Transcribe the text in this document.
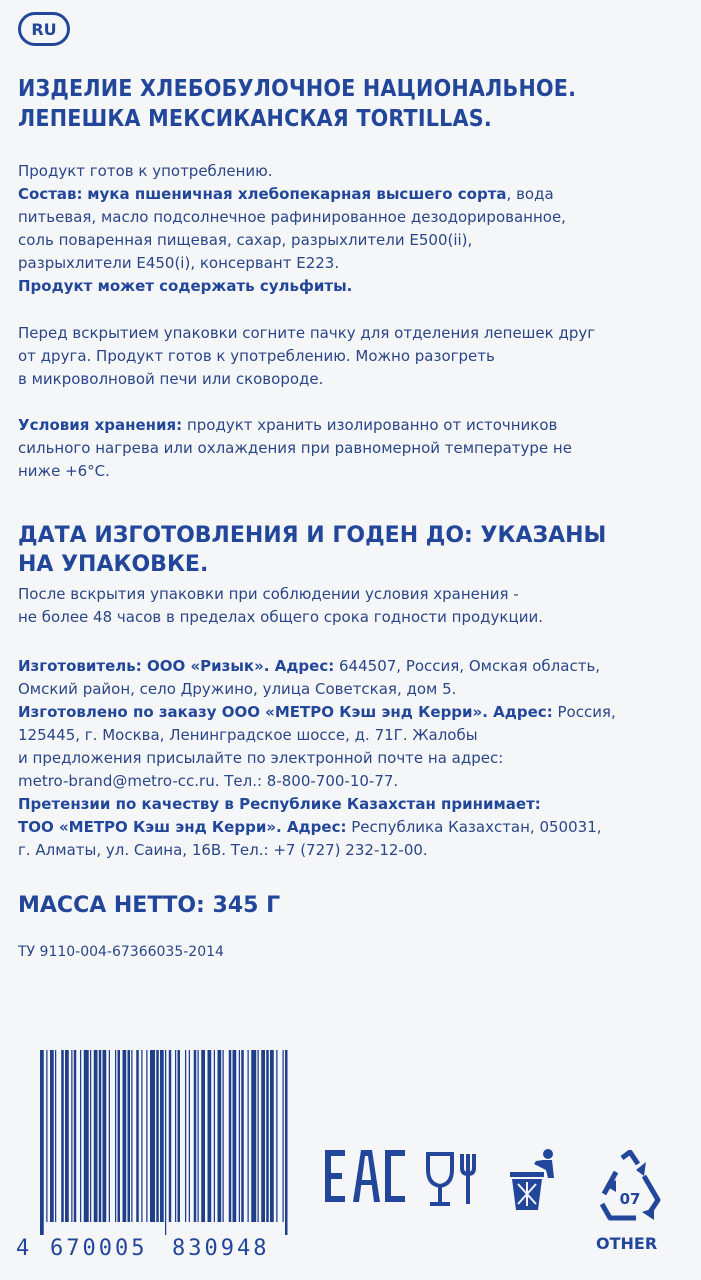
RU
ИЗДЕЛИЕ ХЛЕБОБУЛОЧНОЕ НАЦИОНАЛЬНОЕ.
ЛЕПЕШКА МЕКСИКАНСКАЯ TORTILLAS.
Продукт готов к употреблению.
Состав: мука пшеничная хлебопекарная высшего сорта, вода
питьевая, масло подсолнечное рафинированное дезодорированное,
соль поваренная пищевая, сахар, разрыхлители Е500(ii),
разрыхлители Е450(i), консервант Е223.
Продукт может содержать сульфиты.
Перед вскрытием упаковки согните пачку для отделения лепешек друг
от друга. Продукт готов к употреблению. Можно разогреть
в микроволновой печи или сковороде.
Условия хранения: продукт хранить изолированно от источников
сильного нагрева или охлаждения при равномерной температуре не
ниже +6°С.
ДАТА ИЗГОТОВЛЕНИЯ И ГОДЕН ДО: УКАЗАНЫ
НА УПАКОВКЕ.
После вскрытия упаковки при соблюдении условия хранения -
не более 48 часов в пределах общего срока годности продукции.
Изготовитель: ООО «Ризык». Адрес: 644507, Россия, Омская область,
Омский район, село Дружино, улица Советская, дом 5.
Изготовлено по заказу ООО «МЕТРО Кэш энд Керри». Адрес: Россия,
125445, г. Москва, Ленинградское шоссе, д. 71Г. Жалобы
и предложения присылайте по электронной почте на адрес:
metro-brand@metro-cc.ru. Тел.: 8-800-700-10-77.
Претензии по качеству в Республике Казахстан принимает:
ТОО «МЕТРО Кэш энд Керри». Адрес: Республика Казахстан, 050031,
г. Алматы, ул. Саина, 16В. Тел.: +7 (727) 232-12-00.
МАССА НЕТТО: 345 Г
ТУ 9110-004-67366035-2014
4 670005 830948
07
OTHER
